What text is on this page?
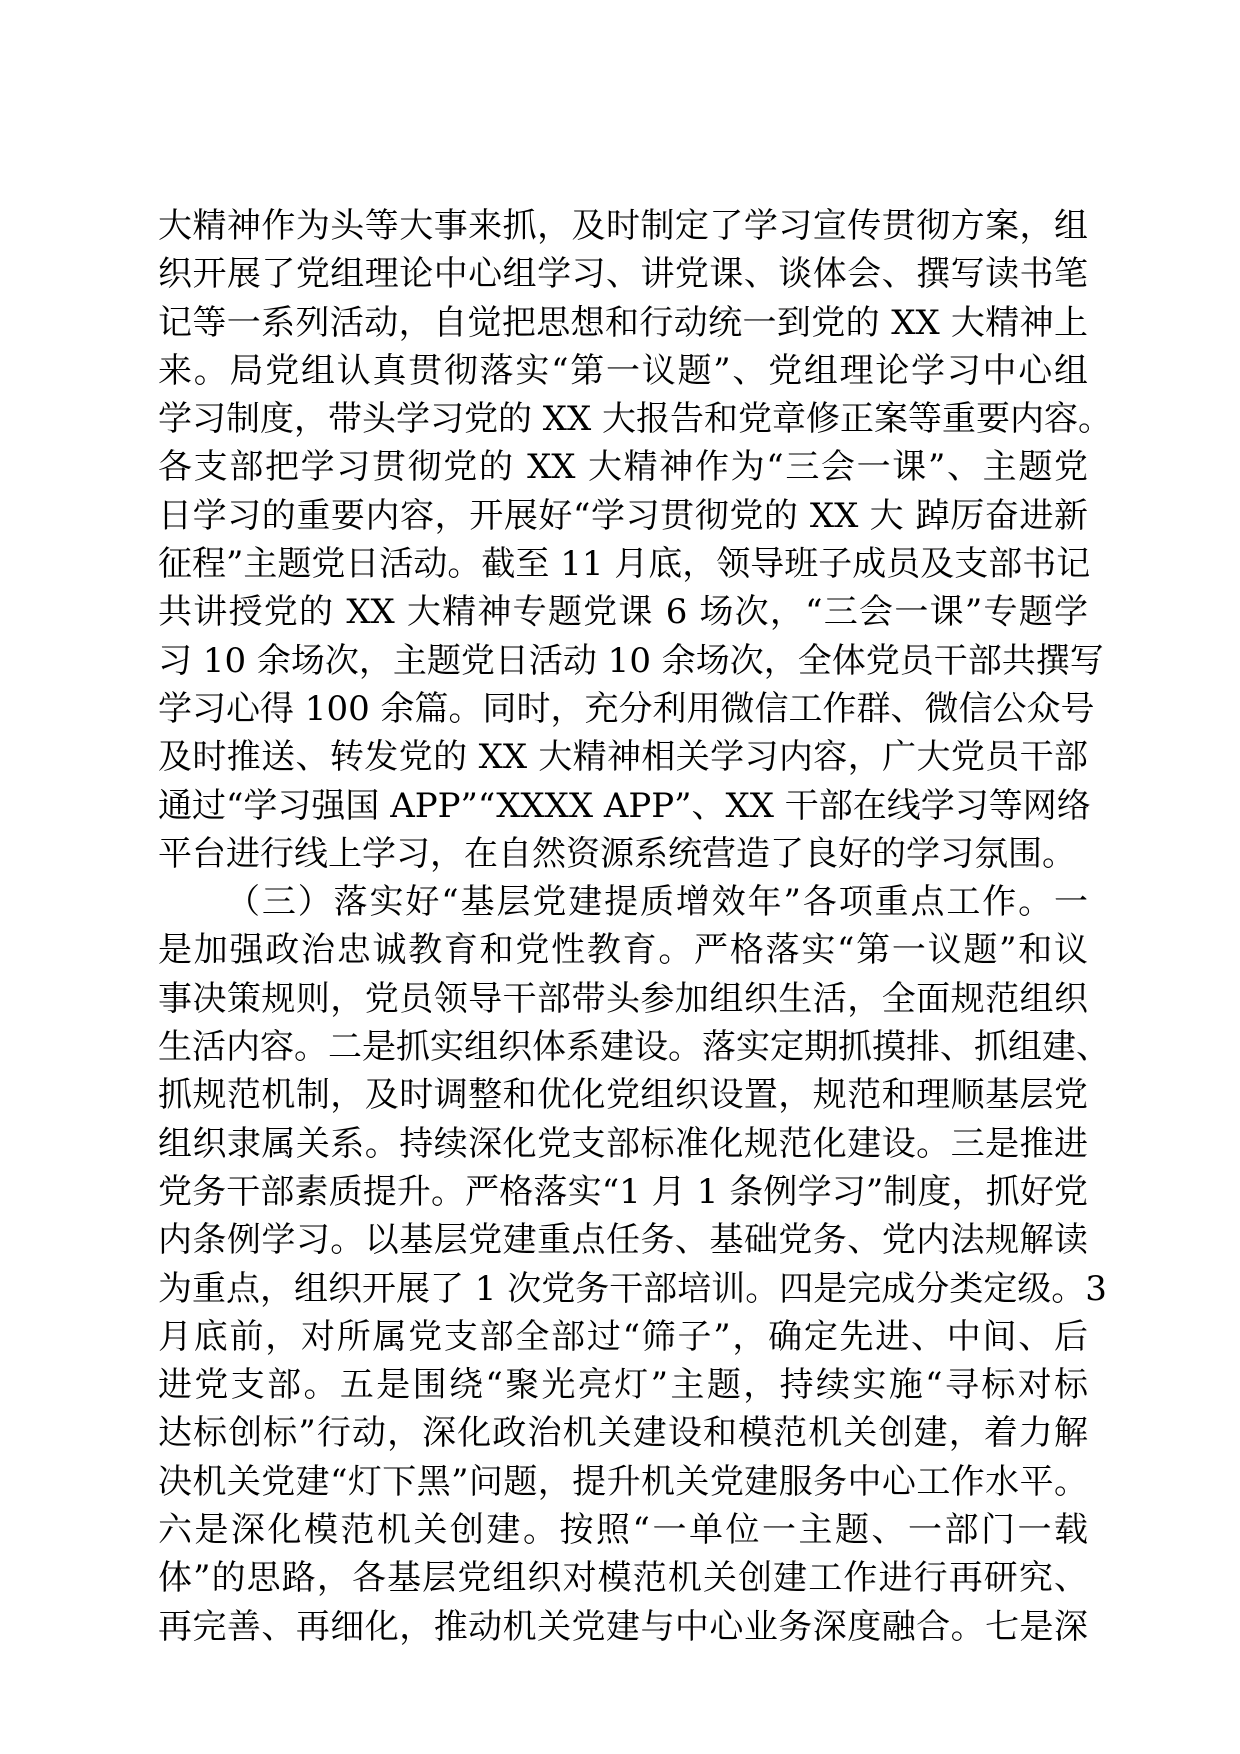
大精神作为头等大事来抓，及时制定了学习宣传贯彻方案，组
织开展了党组理论中心组学习、讲党课、谈体会、撰写读书笔
记等一系列活动，自觉把思想和行动统一到党的 XX 大精神上
来。局党组认真贯彻落实“第一议题”、党组理论学习中心组
学习制度，带头学习党的 XX 大报告和党章修正案等重要内容。
各支部把学习贯彻党的 XX 大精神作为“三会一课”、主题党
日学习的重要内容，开展好“学习贯彻党的 XX 大 踔厉奋进新
征程”主题党日活动。截至 11 月底，领导班子成员及支部书记
共讲授党的 XX 大精神专题党课 6 场次，“三会一课”专题学
习 10 余场次，主题党日活动 10 余场次，全体党员干部共撰写
学习心得 100 余篇。同时，充分利用微信工作群、微信公众号
及时推送、转发党的 XX 大精神相关学习内容，广大党员干部
通过“学习强国 APP”“XXXX APP”、XX 干部在线学习等网络
平台进行线上学习，在自然资源系统营造了良好的学习氛围。
（三）落实好“基层党建提质增效年”各项重点工作。一
是加强政治忠诚教育和党性教育。严格落实“第一议题”和议
事决策规则，党员领导干部带头参加组织生活，全面规范组织
生活内容。二是抓实组织体系建设。落实定期抓摸排、抓组建、
抓规范机制，及时调整和优化党组织设置，规范和理顺基层党
组织隶属关系。持续深化党支部标准化规范化建设。三是推进
党务干部素质提升。严格落实“1 月 1 条例学习”制度，抓好党
内条例学习。以基层党建重点任务、基础党务、党内法规解读
为重点，组织开展了 1 次党务干部培训。四是完成分类定级。3
月底前，对所属党支部全部过“筛子”，确定先进、中间、后
进党支部。五是围绕“聚光亮灯”主题，持续实施“寻标对标
达标创标”行动，深化政治机关建设和模范机关创建，着力解
决机关党建“灯下黑”问题，提升机关党建服务中心工作水平。
六是深化模范机关创建。按照“一单位一主题、一部门一载
体”的思路，各基层党组织对模范机关创建工作进行再研究、
再完善、再细化，推动机关党建与中心业务深度融合。七是深
